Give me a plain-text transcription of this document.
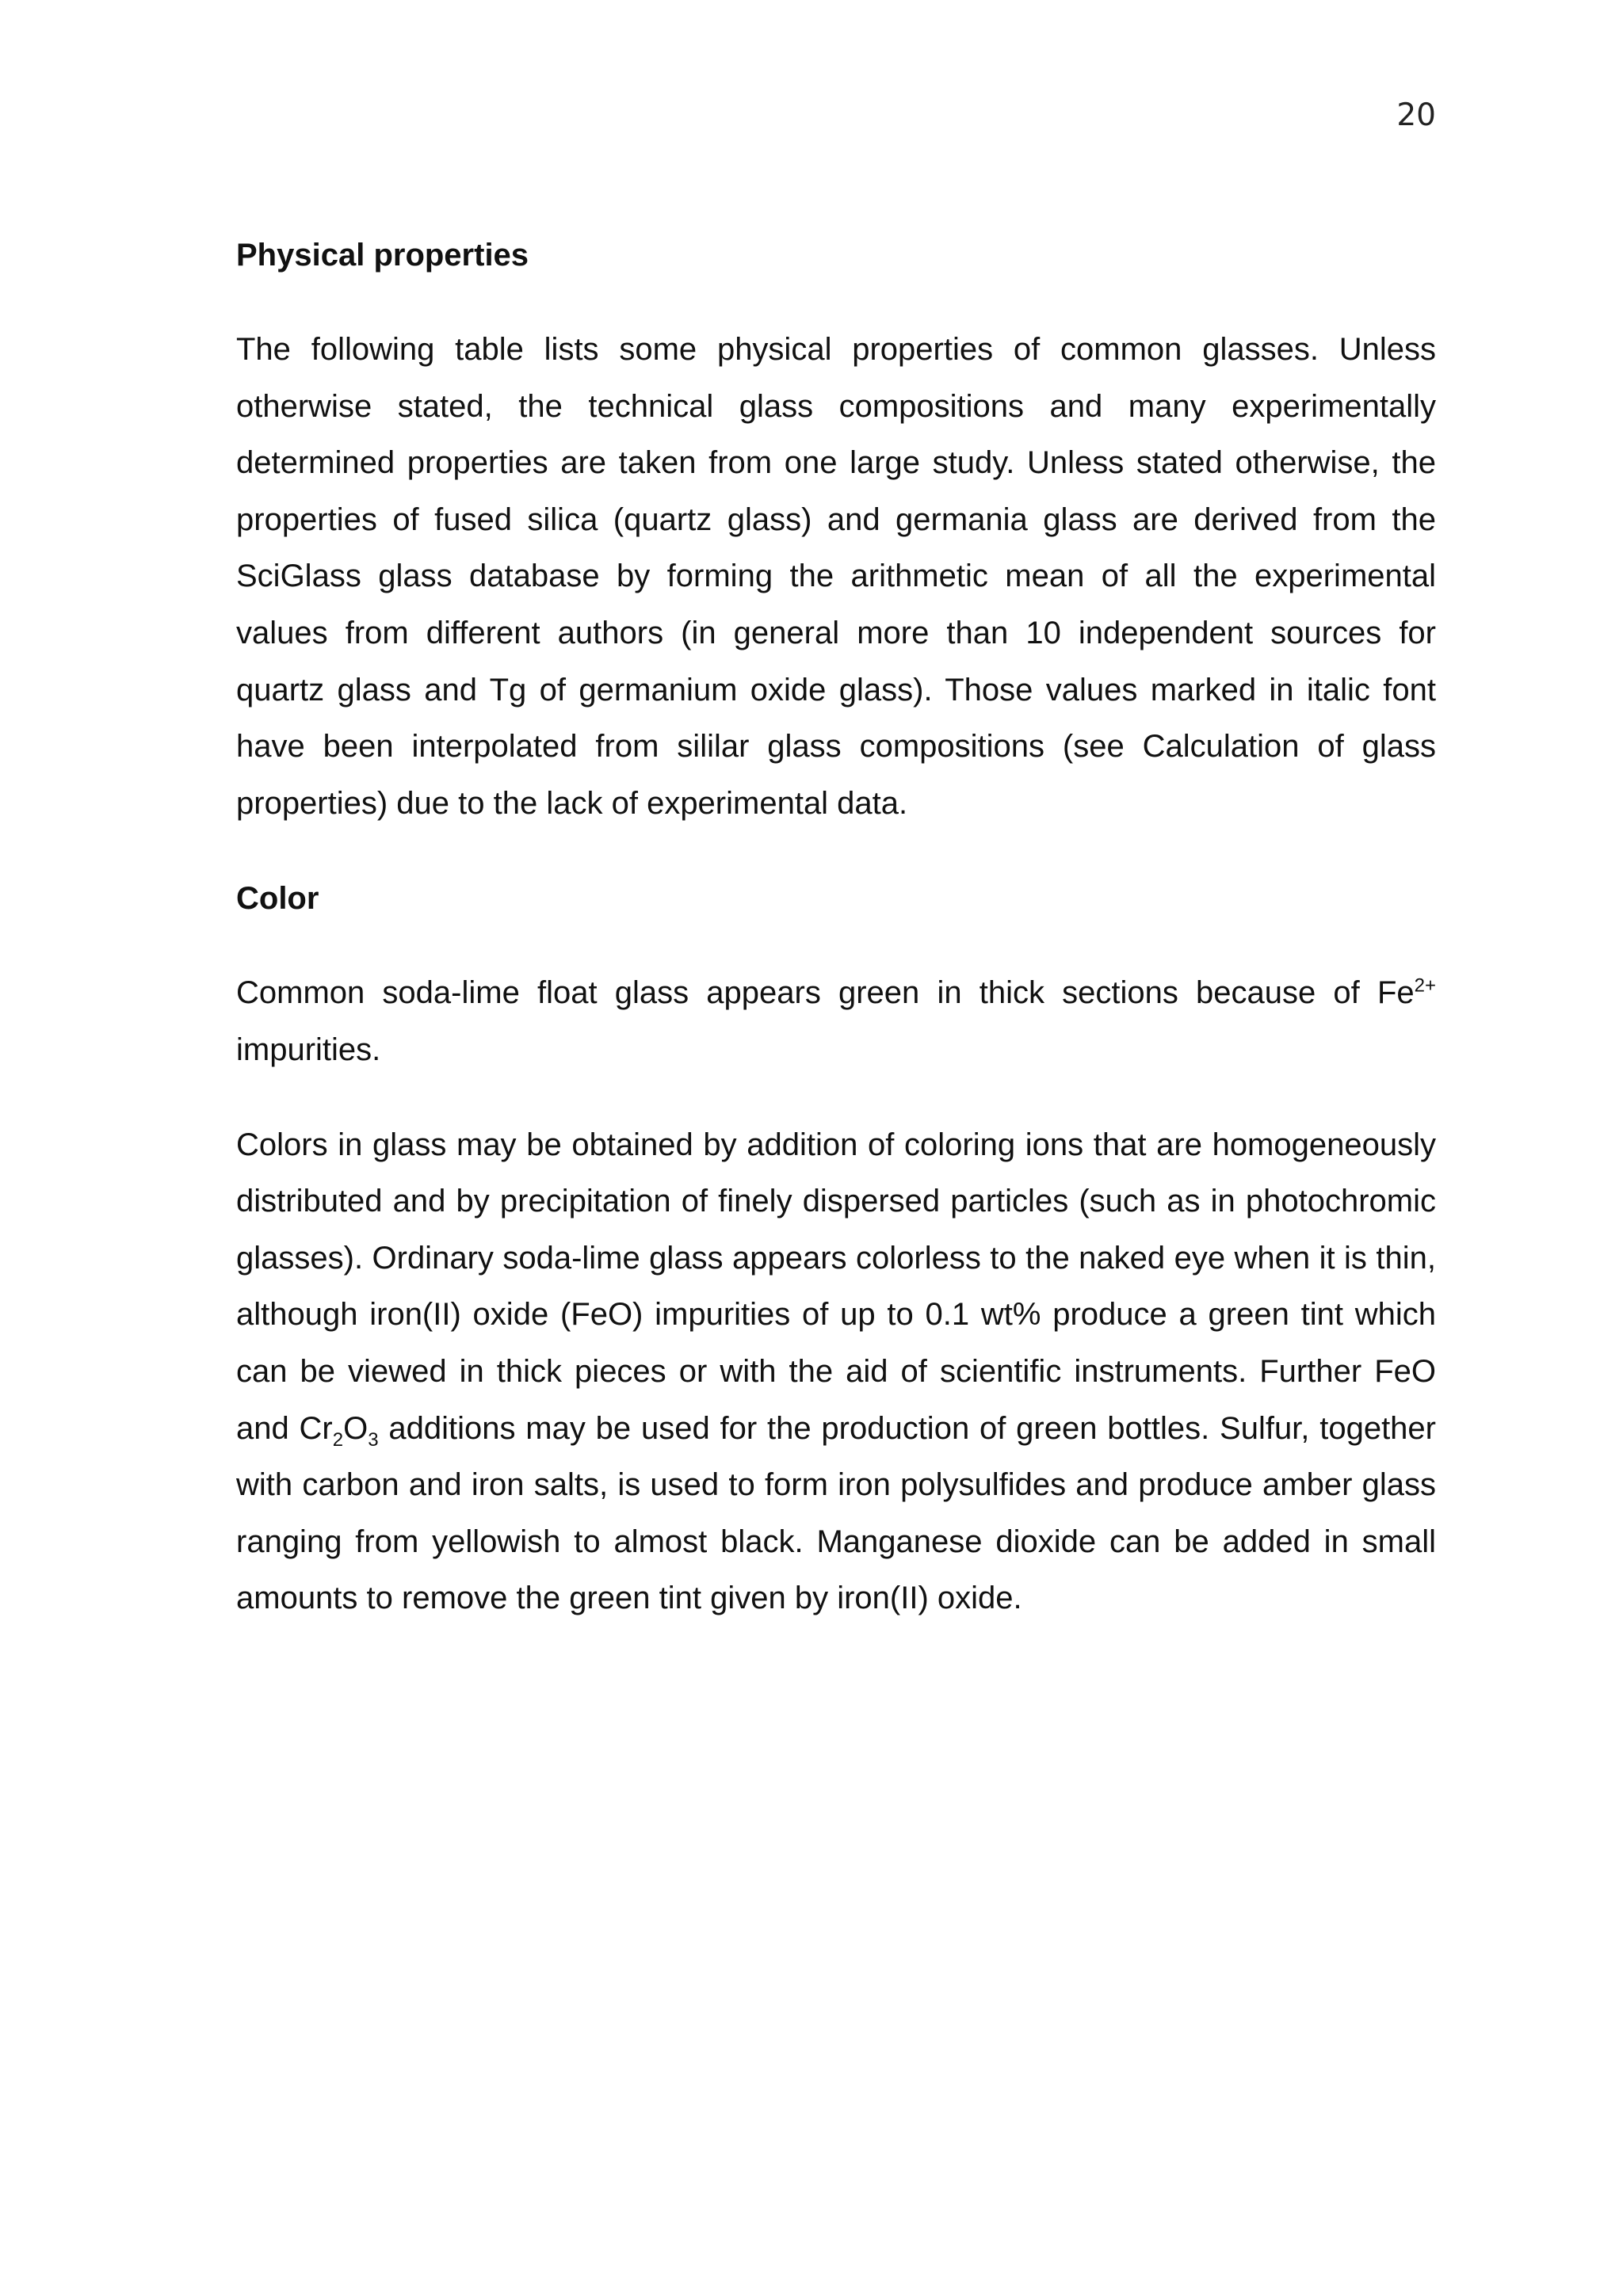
20
Physical properties

The following table lists some physical properties of common glasses. Unless otherwise stated, the technical glass compositions and many experimentally determined properties are taken from one large study. Unless stated otherwise, the properties of fused silica (quartz glass) and germania glass are derived from the SciGlass glass database by forming the arithmetic mean of all the experimental values from different authors (in general more than 10 independent sources for quartz glass and Tg of germanium oxide glass). Those values marked in italic font have been interpolated from sililar glass compositions (see Calculation of glass properties) due to the lack of experimental data.

Color

Common soda-lime float glass appears green in thick sections because of $Fe^{2+}$ impurities.

Colors in glass may be obtained by addition of coloring ions that are homogeneously distributed and by precipitation of finely dispersed particles (such as in photochromic glasses). Ordinary soda-lime glass appears colorless to the naked eye when it is thin, although iron(II) oxide (FeO) impurities of up to 0.1 wt% produce a green tint which can be viewed in thick pieces or with the aid of scientific instruments. Further FeO and $Cr_2O_3$ additions may be used for the production of green bottles. Sulfur, together with carbon and iron salts, is used to form iron polysulfides and produce amber glass ranging from yellowish to almost black. Manganese dioxide can be added in small amounts to remove the green tint given by iron(II) oxide.
